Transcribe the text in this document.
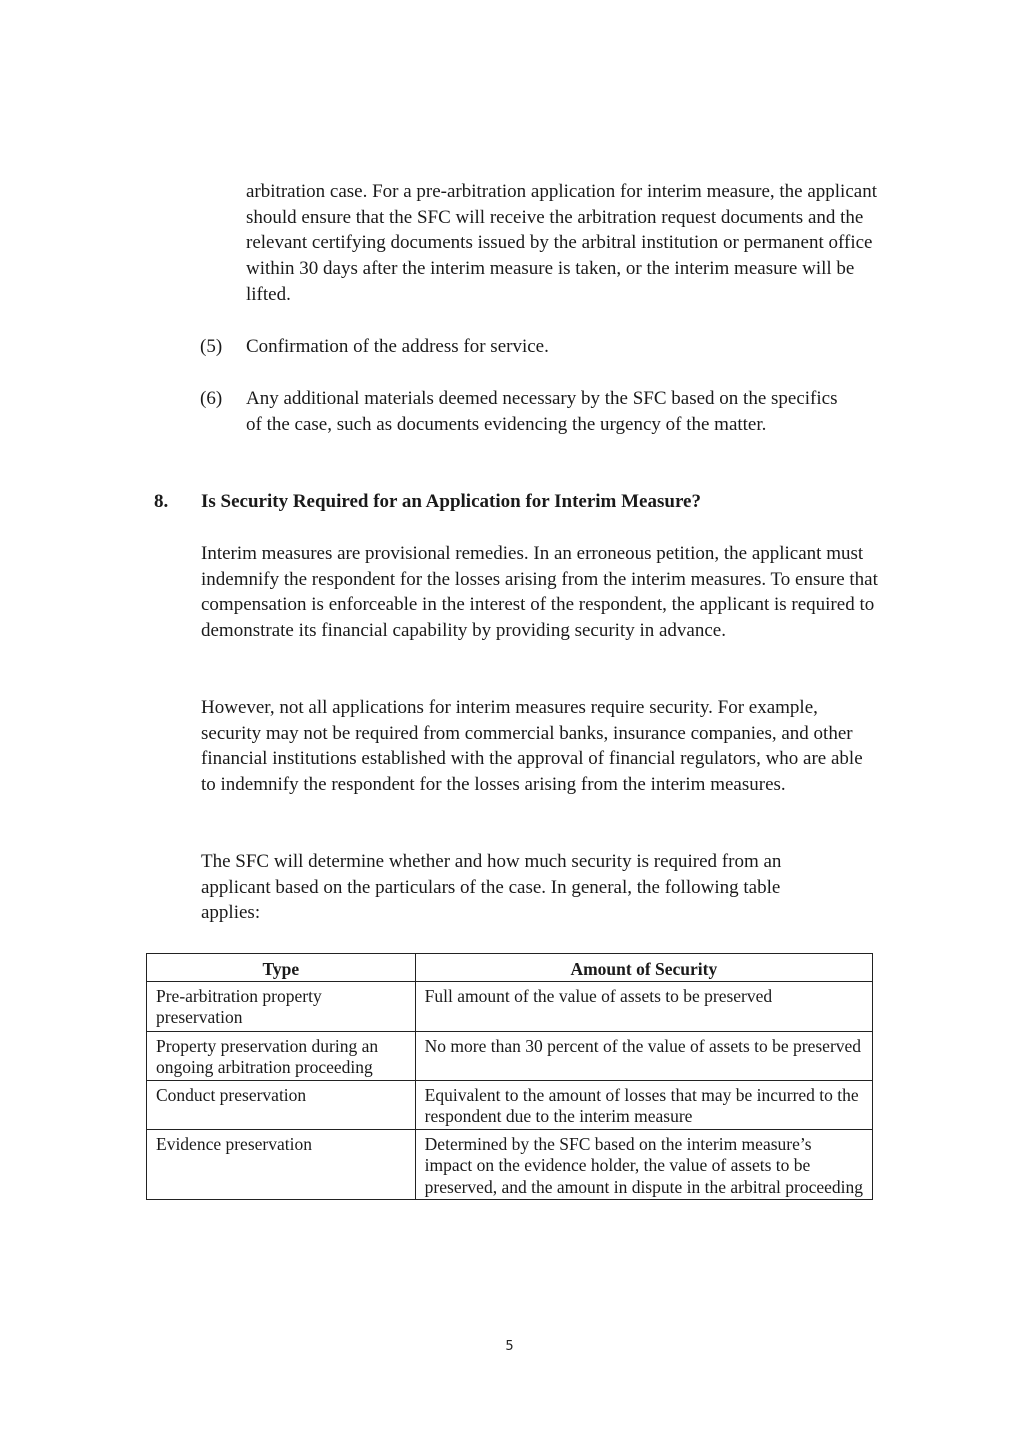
arbitration case. For a pre-arbitration application for interim measure, the applicant should ensure that the SFC will receive the arbitration request documents and the relevant certifying documents issued by the arbitral institution or permanent office within 30 days after the interim measure is taken, or the interim measure will be lifted.

(5) Confirmation of the address for service.
(6) Any additional materials deemed necessary by the SFC based on the specifics of the case, such as documents evidencing the urgency of the matter.
8. Is Security Required for an Application for Interim Measure?

Interim measures are provisional remedies. In an erroneous petition, the applicant must indemnify the respondent for the losses arising from the interim measures. To ensure that compensation is enforceable in the interest of the respondent, the applicant is required to demonstrate its financial capability by providing security in advance.

However, not all applications for interim measures require security. For example, security may not be required from commercial banks, insurance companies, and other financial institutions established with the approval of financial regulators, who are able to indemnify the respondent for the losses arising from the interim measures.

The SFC will determine whether and how much security is required from an applicant based on the particulars of the case. In general, the following table applies:

Type	Amount of Security
Pre-arbitration property preservation	Full amount of the value of assets to be preserved
Property preservation during an ongoing arbitration proceeding	No more than 30 percent of the value of assets to be preserved
Conduct preservation	Equivalent to the amount of losses that may be incurred to the respondent due to the interim measure
Evidence preservation	Determined by the SFC based on the interim measure’s impact on the evidence holder, the value of assets to be preserved, and the amount in dispute in the arbitral proceeding
5
